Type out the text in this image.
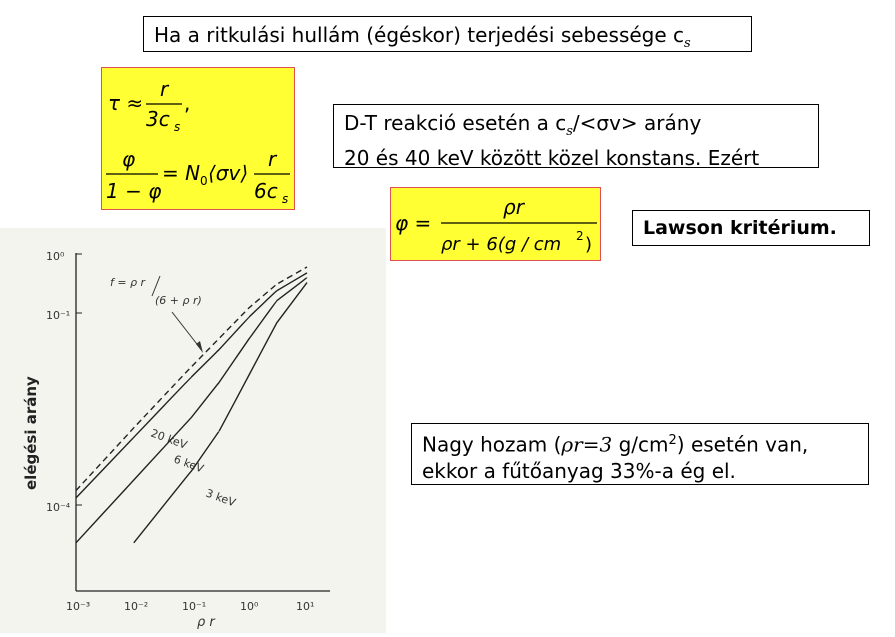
Ha a ritkulási hullám (égéskor) terjedési sebessége $c_s$
τ ≈
r
3c s
,
φ
1 − φ
= N 0 ⟨σv⟩
r
6c s
D-T reakció esetén a $c_s/<\sigma v>$ arány
20 és 40 keV között közel konstans. Ezért
φ =
ρr
ρr + 6(g / cm 2 )
Lawson kritérium.
Nagy hozam (ρr=3 $g/cm^2$) esetén van,
ekkor a fűtőanyag 33%-a ég el.
10⁰
10⁻¹
10⁻⁴
10⁻³	10⁻²	10⁻¹	10⁰	10¹
ρ r
elégési arány
f = ρ r
(6 + ρ r)
20 keV
6 keV
3 keV
